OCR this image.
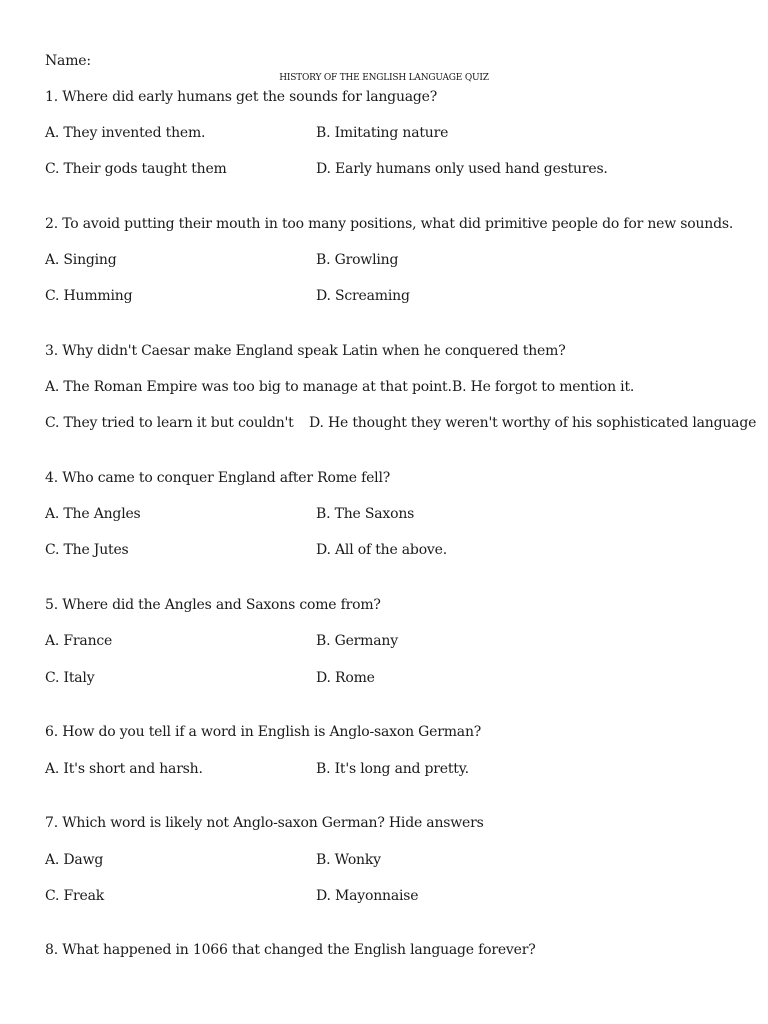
Name:
HISTORY OF THE ENGLISH LANGUAGE QUIZ
1. Where did early humans get the sounds for language?
A. They invented them.	B. Imitating nature
C. Their gods taught them	D. Early humans only used hand gestures.
2. To avoid putting their mouth in too many positions, what did primitive people do for new sounds.
A. Singing	B. Growling
C. Humming	D. Screaming
3. Why didn't Caesar make England speak Latin when he conquered them?
A. The Roman Empire was too big to manage at that point. B. He forgot to mention it.
C. They tried to learn it but couldn't D. He thought they weren't worthy of his sophisticated language
4. Who came to conquer England after Rome fell?
A. The Angles	B. The Saxons
C. The Jutes	D. All of the above.
5. Where did the Angles and Saxons come from?
A. France	B. Germany
C. Italy	D. Rome
6. How do you tell if a word in English is Anglo-saxon German?
A. It's short and harsh.	B. It's long and pretty.
7. Which word is likely not Anglo-saxon German? Hide answers
A. Dawg	B. Wonky
C. Freak	D. Mayonnaise
8. What happened in 1066 that changed the English language forever?
